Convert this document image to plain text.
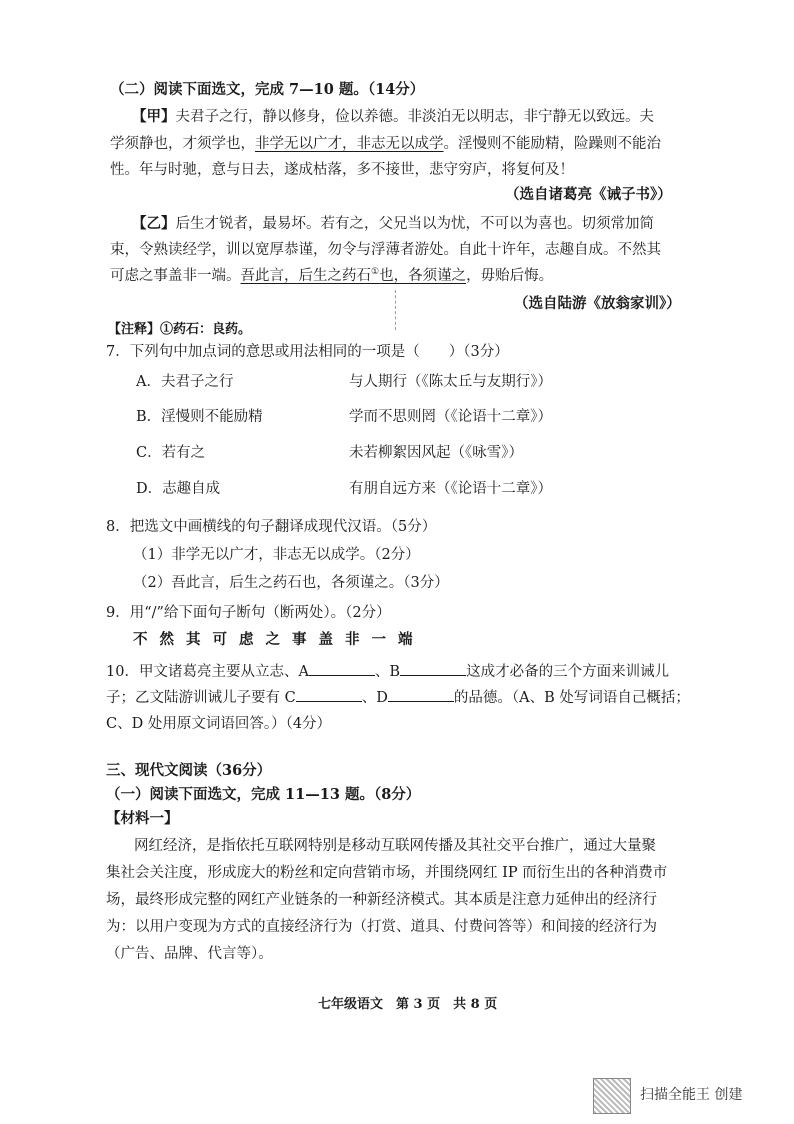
（二）阅读下面选文，完成 7—10 题。（14分）
【甲】夫君子之行，静以修身，俭以养德。非淡泊无以明志，非宁静无以致远。夫
学须静也，才须学也，非学无以广才，非志无以成学。淫慢则不能励精，险躁则不能治
性。年与时驰，意与日去，遂成枯落，多不接世，悲守穷庐，将复何及！
（选自诸葛亮《诫子书》）
【乙】后生才锐者，最易坏。若有之，父兄当以为忧，不可以为喜也。切须常加简
束，令熟读经学，训以宽厚恭谨，勿令与浮薄者游处。自此十许年，志趣自成。不然其
可虑之事盖非一端。吾此言，后生之药石①也，各须谨之，毋贻后悔。
（选自陆游《放翁家训》）
【注释】①药石：良药。
7．下列句中加点词的意思或用法相同的一项是（　　）（3分）
A．夫君子之行	与人期行（《陈太丘与友期行》）
B．淫慢则不能励精	学而不思则罔（《论语十二章》）
C．若有之	未若柳絮因风起（《咏雪》）
D．志趣自成	有朋自远方来（《论语十二章》）
8．把选文中画横线的句子翻译成现代汉语。（5分）
（1）非学无以广才，非志无以成学。（2分）
（2）吾此言，后生之药石也，各须谨之。（3分）
9．用“/”给下面句子断句（断两处）。（2分）
不然其可虑之事盖非一端
10．甲文诸葛亮主要从立志、A	、B	这成才必备的三个方面来训诫儿
子；乙文陆游训诫儿子要有 C	、D	的品德。（A、B 处写词语自己概括；
C、D 处用原文词语回答。）（4分）
三、现代文阅读（36分）
（一）阅读下面选文，完成 11—13 题。（8分）
【材料一】
网红经济，是指依托互联网特别是移动互联网传播及其社交平台推广，通过大量聚
集社会关注度，形成庞大的粉丝和定向营销市场，并围绕网红 IP 而衍生出的各种消费市
场，最终形成完整的网红产业链条的一种新经济模式。其本质是注意力延伸出的经济行
为：以用户变现为方式的直接经济行为（打赏、道具、付费问答等）和间接的经济行为
（广告、品牌、代言等）。
七年级语文　第 3 页　共 8 页
扫描全能王 创建
